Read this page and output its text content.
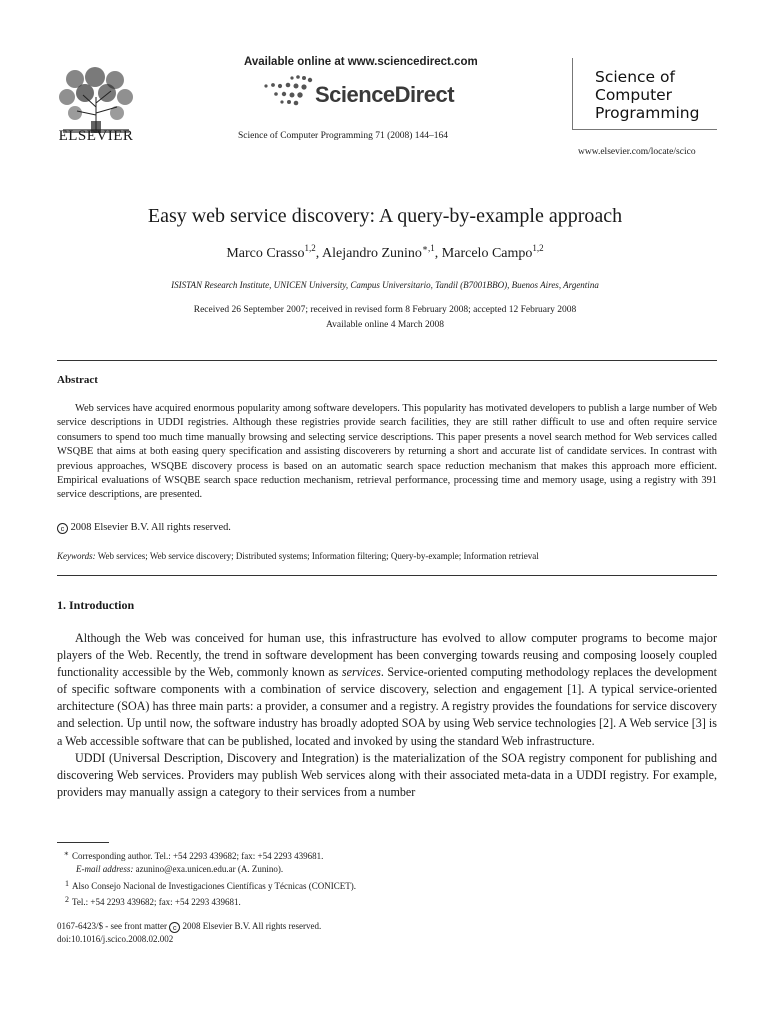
ELSEVIER
Available online at www.sciencedirect.com
ScienceDirect
Science of Computer Programming 71 (2008) 144–164
Science of
Computer
Programming
www.elsevier.com/locate/scico
Easy web service discovery: A query-by-example approach
Marco Crasso$^{1,2}$, Alejandro Zunino$^{∗,1}$, Marcelo Campo$^{1,2}$
ISISTAN Research Institute, UNICEN University, Campus Universitario, Tandil (B7001BBO), Buenos Aires, Argentina
Received 26 September 2007; received in revised form 8 February 2008; accepted 12 February 2008
Available online 4 March 2008
Abstract

Web services have acquired enormous popularity among software developers. This popularity has motivated developers to publish a large number of Web service descriptions in UDDI registries. Although these registries provide search facilities, they are still rather difficult to use and often require service consumers to spend too much time manually browsing and selecting service descriptions. This paper presents a novel search method for Web services called WSQBE that aims at both easing query specification and assisting discoverers by returning a short and accurate list of candidate services. In contrast with previous approaches, WSQBE discovery process is based on an automatic search space reduction mechanism that makes this approach more efficient. Empirical evaluations of WSQBE search space reduction mechanism, retrieval performance, processing time and memory usage, using a registry with 391 service descriptions, are presented.

c 2008 Elsevier B.V. All rights reserved.
Keywords: Web services; Web service discovery; Distributed systems; Information filtering; Query-by-example; Information retrieval
1. Introduction

Although the Web was conceived for human use, this infrastructure has evolved to allow computer programs to become major players of the Web. Recently, the trend in software development has been converging towards reusing and composing loosely coupled functionality accessible by the Web, commonly known as services. Service-oriented computing methodology replaces the development of specific software components with a combination of service discovery, selection and engagement [1]. A typical service-oriented architecture (SOA) has three main parts: a provider, a consumer and a registry. A registry provides the foundations for service discovery and selection. Up until now, the software industry has broadly adopted SOA by using Web service technologies [2]. A Web service [3] is a Web accessible software that can be published, located and invoked by using the standard Web infrastructure.

UDDI (Universal Description, Discovery and Integration) is the materialization of the SOA registry component for publishing and discovering Web services. Providers may publish Web services along with their associated meta-data in a UDDI registry. For example, providers may manually assign a category to their services from a number

∗ Corresponding author. Tel.: +54 2293 439682; fax: +54 2293 439681.
E-mail address: azunino@exa.unicen.edu.ar (A. Zunino).
1 Also Consejo Nacional de Investigaciones Científicas y Técnicas (CONICET).
2 Tel.: +54 2293 439682; fax: +54 2293 439681.
0167-6423/$ - see front matter c 2008 Elsevier B.V. All rights reserved.
doi:10.1016/j.scico.2008.02.002
